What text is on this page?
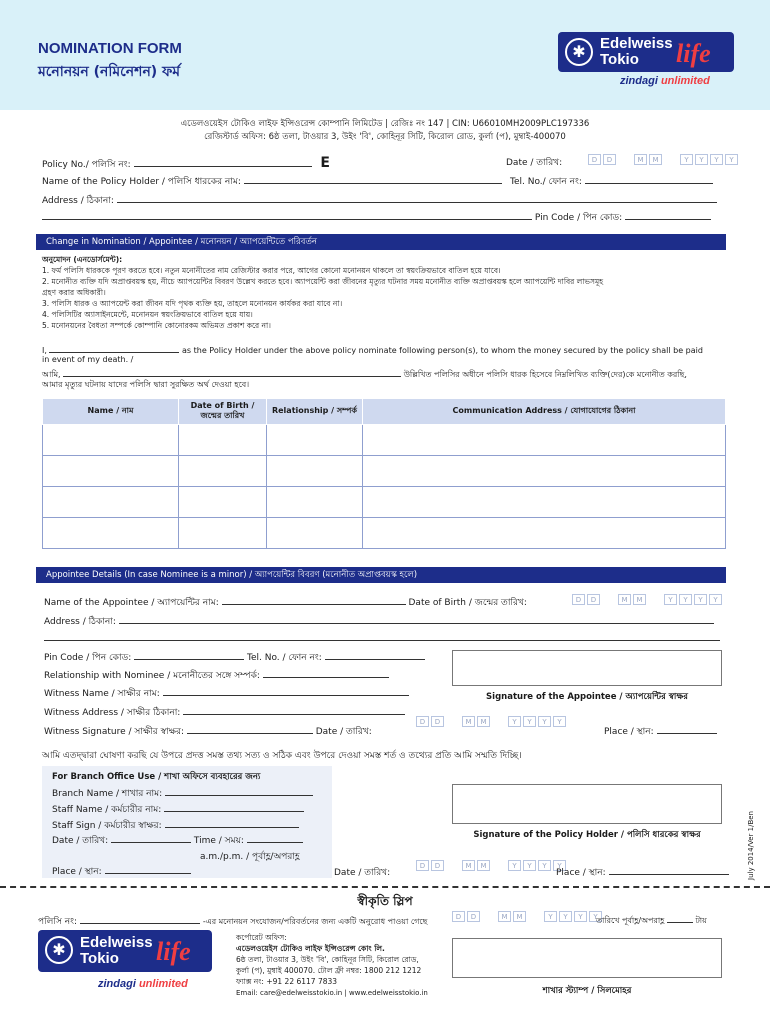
NOMINATION FORM
মনোনয়ন (নমিনেশন) ফর্ম
✱ Edelweiss
Tokio life
zindagi unlimited
এডেলওয়েইস টোকিও লাইফ ইন্সিওরেন্স কোম্পানি লিমিটেড | রেজিঃ নং 147 | CIN: U66010MH2009PLC197336
রেজিস্টার্ড অফিস: 6ষ্ঠ তলা, টাওয়ার 3, উইং 'বি', কোহিনূর সিটি, কিরোল রোড, কুর্লা (প), মুম্বাই-400070
Policy No./ পলিসি নং:	E	Date / তারিখ:	D	D	M	M	Y	Y	Y	Y
Name of the Policy Holder / পলিসি ধারকের নাম:	Tel. No./ ফোন নং:
Address / ঠিকানা:
Pin Code / পিন কোড:
Change in Nomination / Appointee / মনোনয়ন / অ্যাপয়েন্টিতে পরিবর্তন
অনুমোদন (এনডোর্সমেন্ট):
1. ফর্ম পলিসি ধারককে পূরণ করতে হবে। নতুন মনোনীতের নাম রেজিস্টার করার পরে, আগের কোনো মনোনয়ন থাকলে তা স্বয়ংক্রিয়ভাবে বাতিল হয়ে যাবে।
2. মনোনীত ব্যক্তি যদি অপ্রাপ্তবয়স্ক হয়, নীচে অ্যাপয়েন্টির বিবরণ উল্লেখ করতে হবে। অ্যাপয়েন্টি করা জীবনের মৃত্যুর ঘটনার সময় মনোনীত ব্যক্তি অপ্রাপ্তবয়স্ক হলে অ্যাপয়েন্টি দাবির লাভসমূহ
গ্রহণ করার অধিকারী।
3. পলিসি ধারক ও অ্যাপয়েন্ট করা জীবন যদি পৃথক ব্যক্তি হয়, তাহলে মনোনয়ন কার্যকর করা যাবে না।
4. পলিসিটির অ্যাসাইনমেন্টে, মনোনয়ন স্বয়ংক্রিয়ভাবে বাতিল হয়ে যায়।
5. মনোনয়নের বৈধতা সম্পর্কে কোম্পানি কোনোরকম অভিমত প্রকাশ করে না।
I,	as the Policy Holder under the above policy nominate following person(s), to whom the money secured by the policy shall be paid
in event of my death. /
আমি,	উল্লিখিত পলিসির অধীনে পলিসি ধারক হিসেবে নিম্নলিখিত ব্যক্তি(দের)কে মনোনীত করছি,
আমার মৃত্যুর ঘটনায় যাদের পলিসি দ্বারা সুরক্ষিত অর্থ দেওয়া হবে।
Name / নাম	Date of Birth / জন্মের তারিখ	Relationship / সম্পর্ক	Communication Address / যোগাযোগের ঠিকানা

Appointee Details (In case Nominee is a minor) / অ্যাপয়েন্টির বিবরণ (মনোনীত অপ্রাপ্তবয়স্ক হলে)
Name of the Appointee / অ্যাপয়েন্টির নাম:	Date of Birth / জন্মের তারিখ:	D	D	M	M	Y	Y	Y	Y
Address / ঠিকানা:
Pin Code / পিন কোড:	Tel. No. / ফোন নং:
Relationship with Nominee / মনোনীতের সঙ্গে সম্পর্ক:
Witness Name / সাক্ষীর নাম:
Witness Address / সাক্ষীর ঠিকানা:
Witness Signature / সাক্ষীর স্বাক্ষর:	Date / তারিখ:
D	D	M	M	Y	Y	Y	Y
Place / স্থান:
Signature of the Appointee / অ্যাপয়েন্টির স্বাক্ষর
আমি এতদ্দ্বারা ঘোষণা করছি যে উপরে প্রদত্ত সমস্ত তথ্য সত্য ও সঠিক এবং উপরে দেওয়া সমস্ত শর্ত ও তথ্যের প্রতি আমি সম্মতি দিচ্ছি।
For Branch Office Use / শাখা অফিসে ব্যবহারের জন্য
Branch Name / শাখার নাম:
Staff Name / কর্মচারীর নাম:
Staff Sign / কর্মচারীর স্বাক্ষর:
Date / তারিখ:	Time / সময়:
a.m./p.m. / পূর্বাহ্ণ/অপরাহ্ণ
Place / স্থান:
Signature of the Policy Holder / পলিসি ধারকের স্বাক্ষর
Date / তারিখ:
D	D	M	M	Y	Y	Y	Y
Place / স্থান:	July 2014/Ver 1/Ben
স্বীকৃতি স্লিপ
পলিসি নং:	-এর মনোনয়ন সংযোজন/পরিবর্তনের জন্য একটি অনুরোধ পাওয়া গেছে	D	D	M	M	Y	Y	Y	Y
তারিখে পূর্বাহ্ণ/অপরাহ্ণ	টায়
✱ Edelweiss
Tokio life
zindagi unlimited
কর্পোরেট অফিস:
এডেলওয়েইস টোকিও লাইফ ইন্সিওরেন্স কোং লি.
6ষ্ঠ তলা, টাওয়ার 3, উইং 'বি', কোহিনূর সিটি, কিরোল রোড,
কুর্লা (প), মুম্বাই 400070. টোল ফ্রী নম্বর: 1800 212 1212
ফ্যাক্স নং: +91 22 6117 7833
Email: care@edelweisstokio.in | www.edelweisstokio.in	শাখার স্ট্যাম্প / সিলমোহর
